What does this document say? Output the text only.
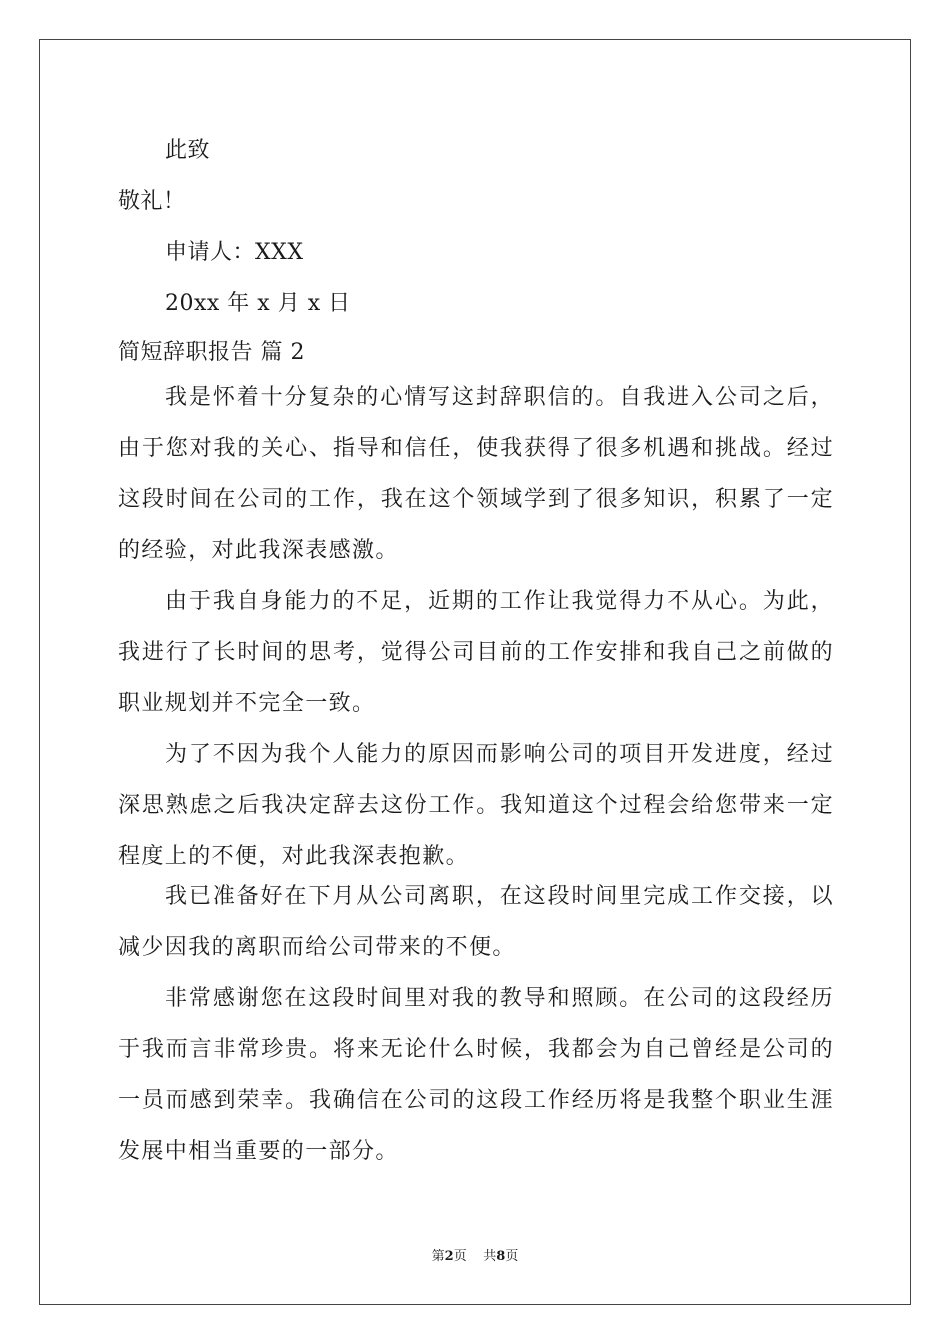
此致
敬礼！
申请人：XXX
20xx 年 x 月 x 日
简短辞职报告 篇 2
我是怀着十分复杂的心情写这封辞职信的。自我进入公司之后，由于您对我的关心、指导和信任，使我获得了很多机遇和挑战。经过这段时间在公司的工作，我在这个领域学到了很多知识，积累了一定的经验，对此我深表感激。
由于我自身能力的不足，近期的工作让我觉得力不从心。为此，我进行了长时间的思考，觉得公司目前的工作安排和我自己之前做的职业规划并不完全一致。
为了不因为我个人能力的原因而影响公司的项目开发进度，经过深思熟虑之后我决定辞去这份工作。我知道这个过程会给您带来一定程度上的不便，对此我深表抱歉。
我已准备好在下月从公司离职，在这段时间里完成工作交接，以减少因我的离职而给公司带来的不便。
非常感谢您在这段时间里对我的教导和照顾。在公司的这段经历于我而言非常珍贵。将来无论什么时候，我都会为自己曾经是公司的一员而感到荣幸。我确信在公司的这段工作经历将是我整个职业生涯发展中相当重要的一部分。
第2页 共8页
